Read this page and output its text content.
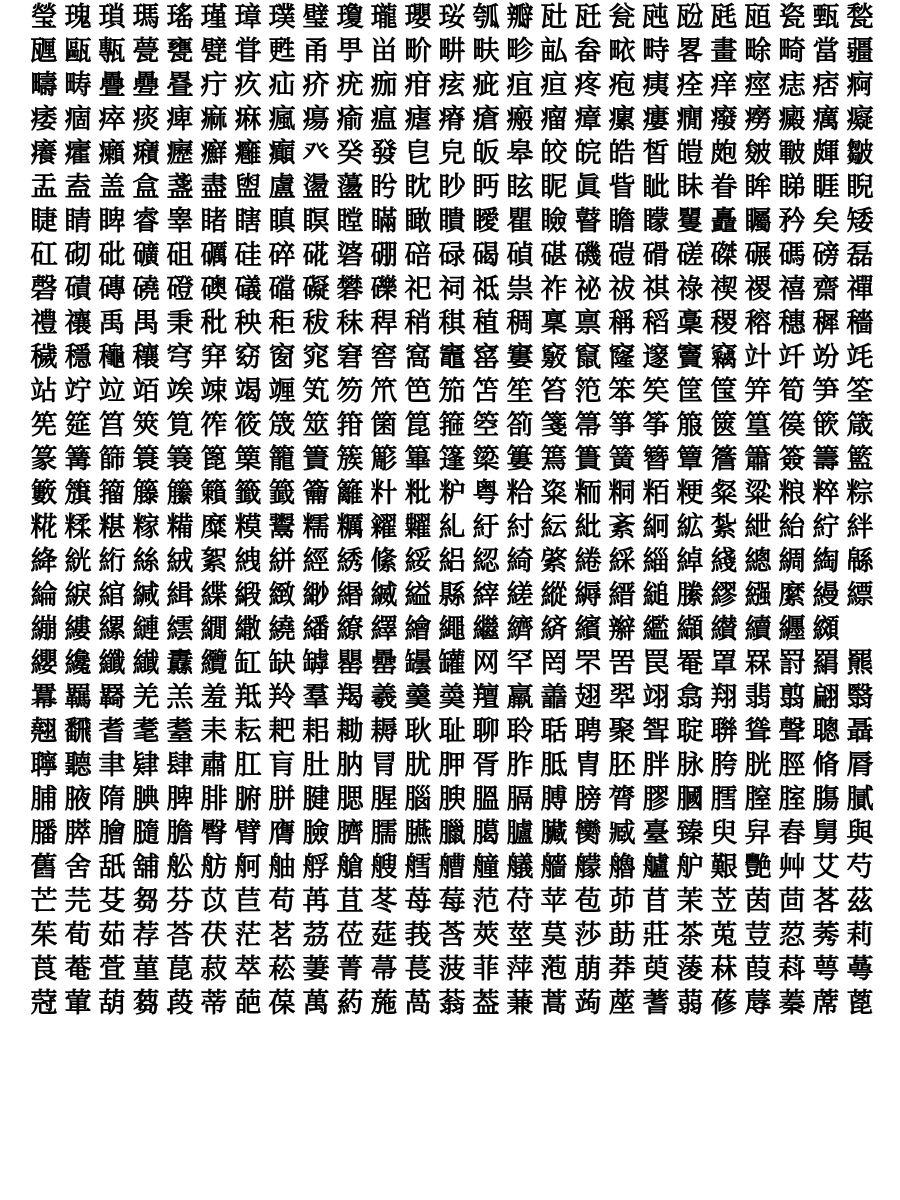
瑩 瑰 瑣 瑪 瑤 瑾 璋 璞 璧 瓊 瓏 瓔 珱 瓠 瓣 瓧 瓩 瓮 瓲 瓰 瓱 瓸 瓷 甄 甃
甅 甌 甎 甍 甕 甓 甞 甦 甬 甼 畄 畍 畊 畉 畛 畆 畚 畩 畤 畧 畫 畭 畸 當 疆
疇 畴 疊 疉 疂 疔 疚 疝 疥 疣 痂 疳 痃 疵 疽 疸 疼 疱 痍 痊 痒 痙 痣 痞 痾
痿 痼 瘁 痰 痺 痲 痳 瘋 瘍 瘉 瘟 瘧 瘠 瘡 瘢 瘤 瘴 瘰 瘻 癇 癈 癆 癜 癘 癡
癢 癨 癩 癪 癧 癬 癰 癲 癶 癸 發 皀 皃 皈 皋 皎 皖 皓 皙 皚 皰 皴 皸 皹 皺
盂 盍 盖 盒 盞 盡 盥 盧 盪 蘯 盻 眈 眇 眄 眩 眤 眞 眥 眦 眛 眷 眸 睇 睚 睨
睫 睛 睥 睿 睾 睹 瞎 瞋 瞑 瞠 瞞 瞰 瞶 瞹 瞿 瞼 瞽 瞻 矇 矍 矗 矚 矜 矣 矮
矼 砌 砒 礦 砠 礪 硅 碎 硴 碆 硼 碚 碌 碣 碵 碪 磯 磑 磆 磋 磔 碾 碼 磅 磊
磬 磧 磚 磽 磴 礇 礒 礑 礙 礬 礫 祀 祠 祗 祟 祚 祕 祓 祺 祿 禊 禝 禧 齋 禪
禮 禳 禹 禺 秉 秕 秧 秬 秡 秣 稈 稍 稘 稙 稠 稟 禀 稱 稻 稾 稷 穃 穗 穉 穡
穢 穩 龝 穰 穹 穽 窈 窗 窕 窘 窖 窩 竈 窰 窶 竅 竄 窿 邃 竇 竊 竍 竏 竕 竓
站 竚 竝 竡 竢 竦 竭 竰 笂 笏 笊 笆 笳 笘 笙 笞 笵 笨 笶 筐 筺 笄 筍 笋 筌
筅 筵 筥 筴 筧 筰 筱 筬 筮 箝 箘 箟 箍 箜 箚 箋 箒 箏 筝 箙 篋 篁 篌 篏 箴
篆 篝 篩 簑 簔 篦 篥 籠 簀 簇 簓 篳 篷 簗 簍 篶 簣 簧 簪 簟 簷 簫 簽 籌 籃
籔 籏 籀 籐 籘 籟 籤 籖 籥 籬 籵 粃 粐 粤 粭 粢 粫 粡 粨 粳 粲 粱 粮 粹 粽
糀 糅 糂 糘 糒 糜 糢 鬻 糯 糲 糴 糶 糺 紆 紂 紜 紕 紊 絅 絋 紮 紲 紿 紵 絆
絳 絖 絎 絲 絨 絮 絏 絣 經 綉 絛 綏 絽 綛 綺 綮 綣 綵 緇 綽 綫 總 綢 綯 緜
綸 綟 綰 緘 緝 緤 緞 緻 緲 緡 縅 縊 縣 縡 縒 縱 縟 縉 縋 縢 繆 繦 縻 縵 縹
繃 縷 縲 縺 繧 繝 繖 繞 繙 繚 繹 繪 繩 繼 纃 緕 繽 辮 繿 纈 纉 續 纒 纐
纓 纔 纖 纎 纛 纜 缸 缺 罅 罌 罍 罎 罐 网 罕 罔 罘 罟 罠 罨 罩 罧 罸 羂 羆
羃 羈 羇 羌 羔 羞 羝 羚 羣 羯 羲 羹 羮 羶 羸 譱 翅 翆 翊 翕 翔 翡 翦 翩 翳
翹 飜 耆 耄 耋 耒 耘 耙 耜 耡 耨 耿 耻 聊 聆 聒 聘 聚 聟 聢 聨 聳 聲 聰 聶
聹 聽 聿 肄 肆 肅 肛 肓 肚 肭 冐 肬 胛 胥 胙 胝 胄 胚 胖 脉 胯 胱 脛 脩 脣
脯 腋 隋 腆 脾 腓 腑 胼 腱 腮 腥 腦 腴 膃 膈 膊 膀 膂 膠 膕 膤 膣 腟 膓 膩
膰 膵 膾 膸 膽 臀 臂 膺 臉 臍 臑 臙 臘 臈 臚 臟 臠 臧 臺 臻 臾 舁 舂 舅 與
舊 舍 舐 舖 舩 舫 舸 舳 艀 艙 艘 艝 艚 艟 艤 艢 艨 艪 艫 舮 艱 艷 艸 艾 芍
芒 芫 芟 芻 芬 苡 苣 苟 苒 苴 苳 苺 莓 范 苻 苹 苞 茆 苜 茉 苙 茵 茴 茖 茲
茱 荀 茹 荐 荅 茯 茫 茗 茘 莅 莚 莪 莟 莢 莖 茣 莎 莇 莊 茶 莵 荳 荵 莠 莉
莨 菴 萓 菫 菎 菽 萃 菘 萋 菁 菷 萇 菠 菲 萍 萢 萠 莽 萸 蔆 菻 葭 萪 萼 蕚
蒄 葷 葫 蒭 葮 蒂 葩 葆 萬 葯 葹 萵 蓊 葢 蒹 蒿 蒟 蓙 蓍 蒻 蓚 蓐 蓁 蓆 蓖
